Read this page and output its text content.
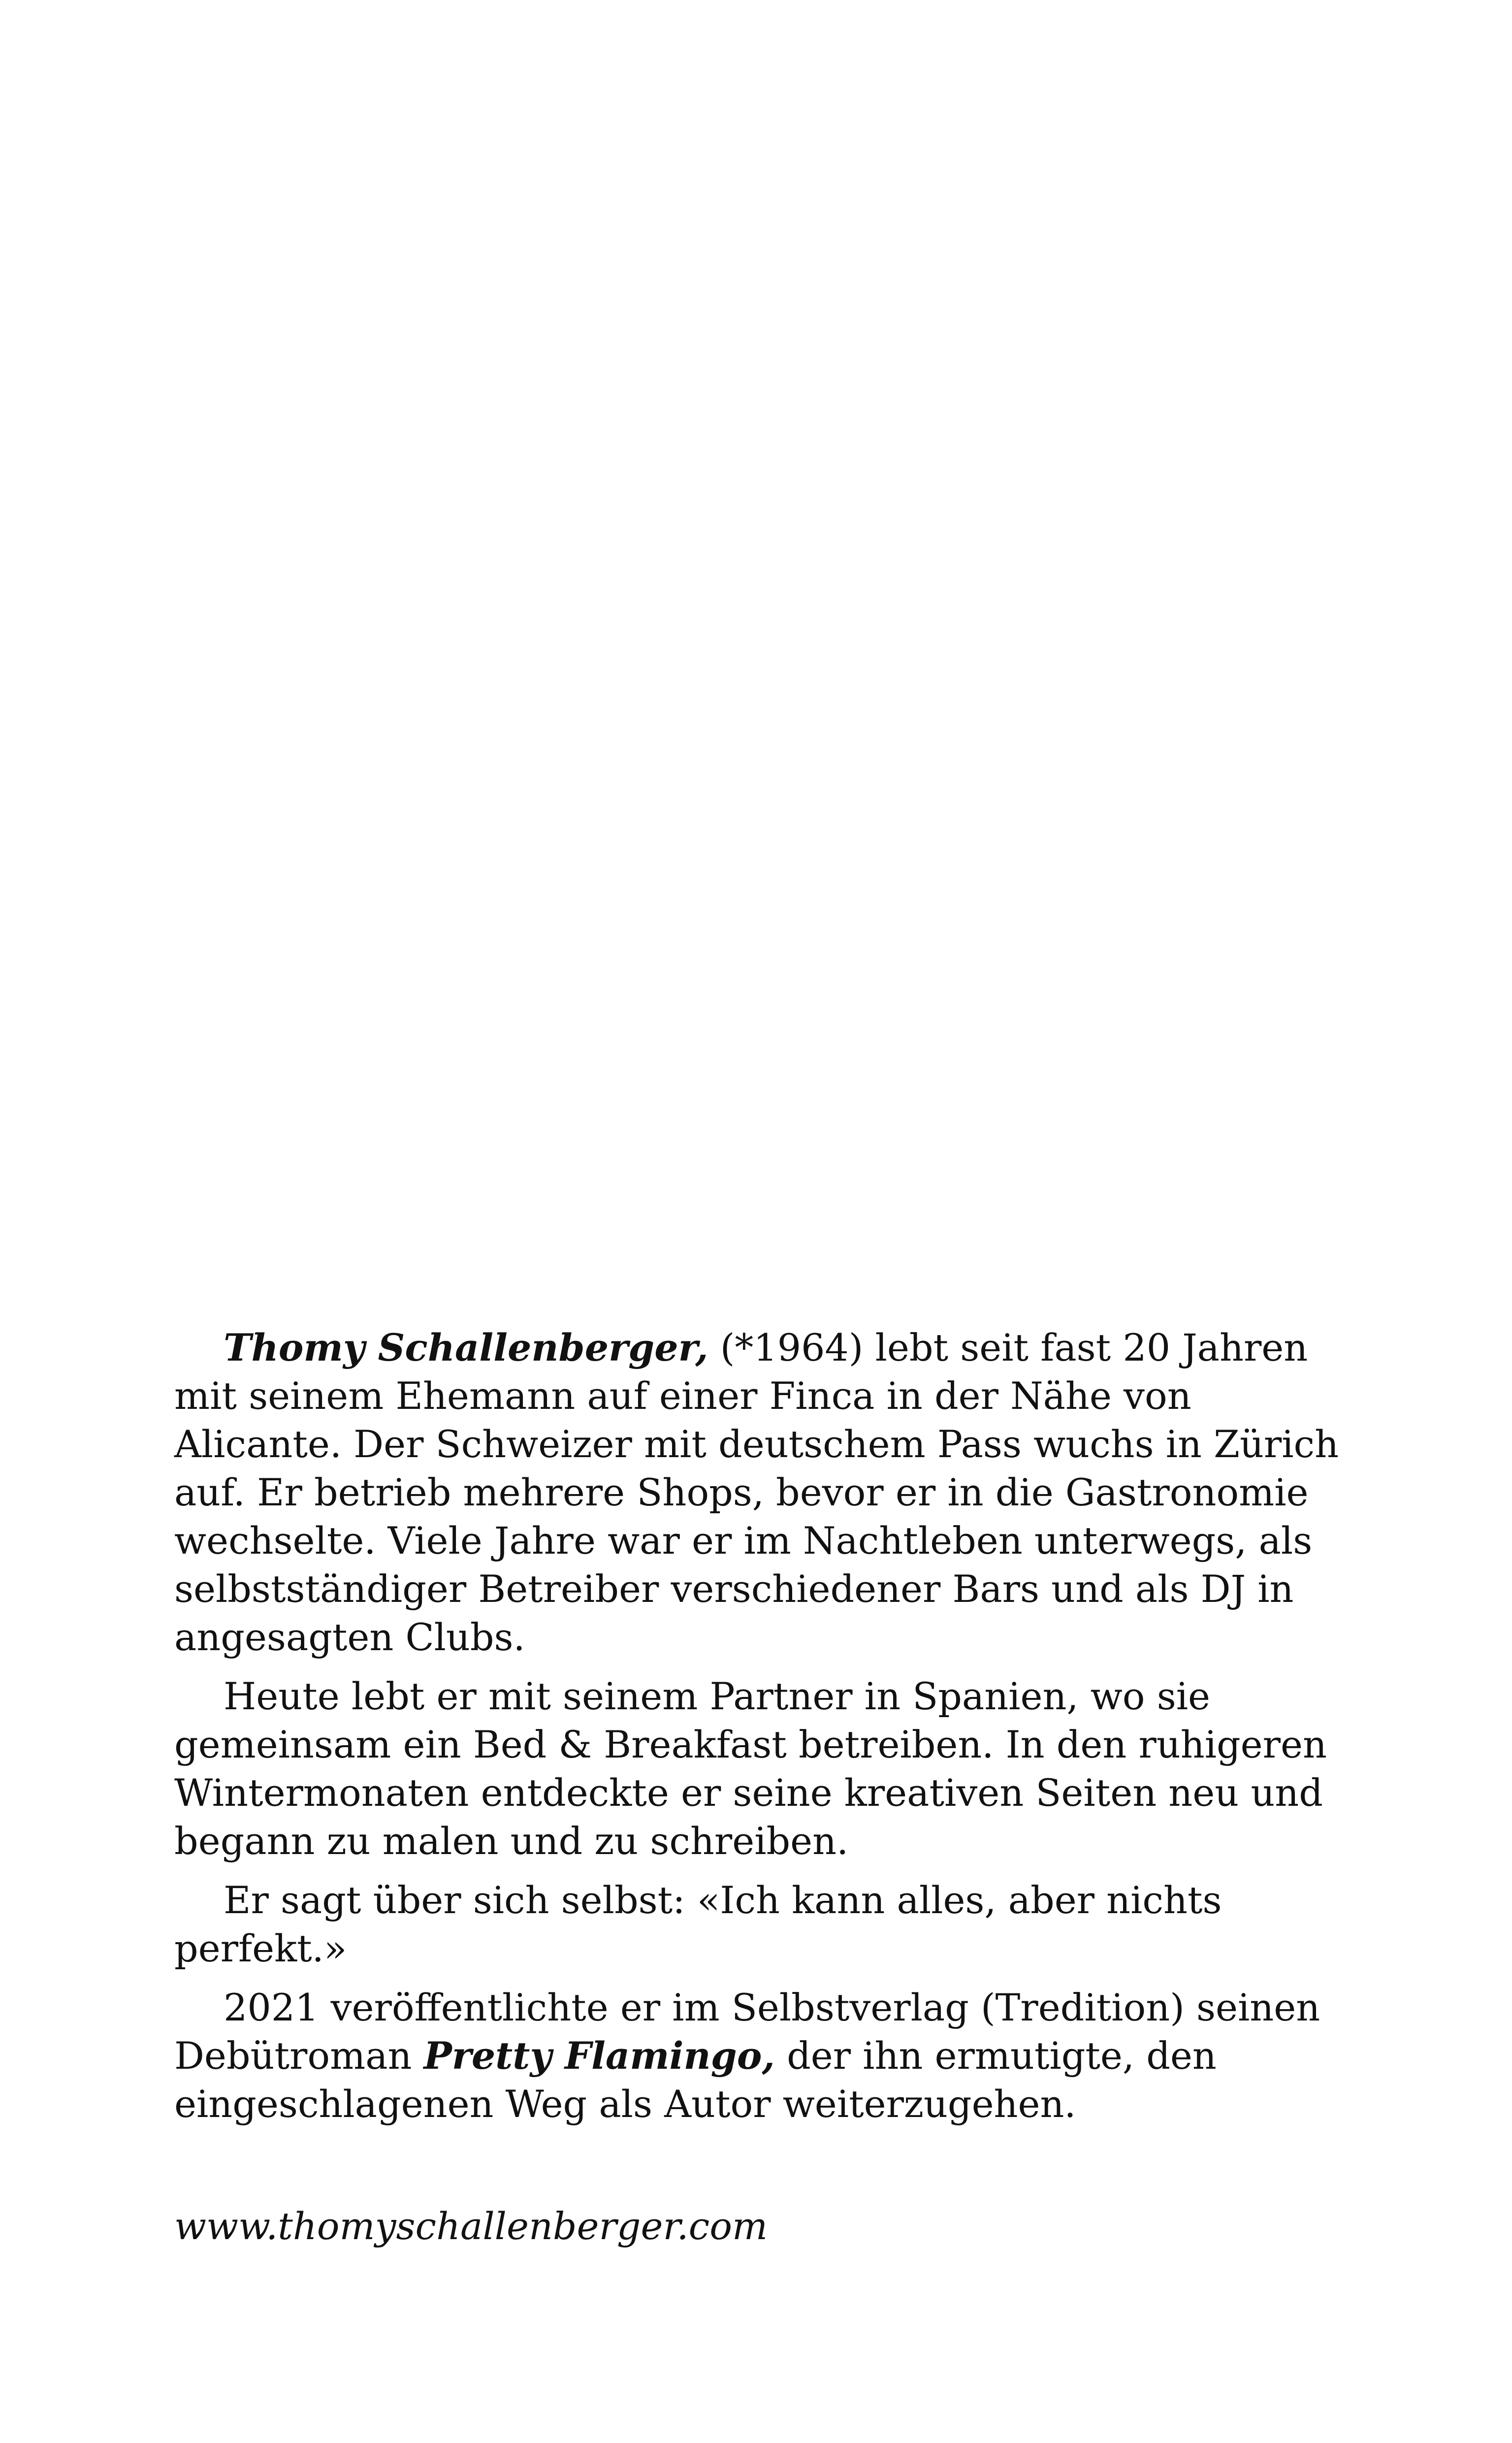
Thomy Schallenberger, (*1964) lebt seit fast 20 Jahren mit seinem Ehemann auf einer Finca in der Nähe von Alicante. Der Schweizer mit deutschem Pass wuchs in Zürich auf. Er betrieb mehrere Shops, bevor er in die Gastronomie wechselte. Viele Jahre war er im Nachtleben unterwegs, als selbstständiger Betreiber verschiedener Bars und als DJ in angesagten Clubs.

Heute lebt er mit seinem Partner in Spanien, wo sie gemeinsam ein Bed & Breakfast betreiben. In den ruhigeren Wintermonaten entdeckte er seine kreativen Seiten neu und begann zu malen und zu schreiben.

Er sagt über sich selbst: «Ich kann alles, aber nichts perfekt.»

2021 veröffentlichte er im Selbstverlag (Tredition) seinen Debütroman Pretty Flamingo, der ihn ermutigte, den eingeschlagenen Weg als Autor weiterzugehen.

www.thomyschallenberger.com
